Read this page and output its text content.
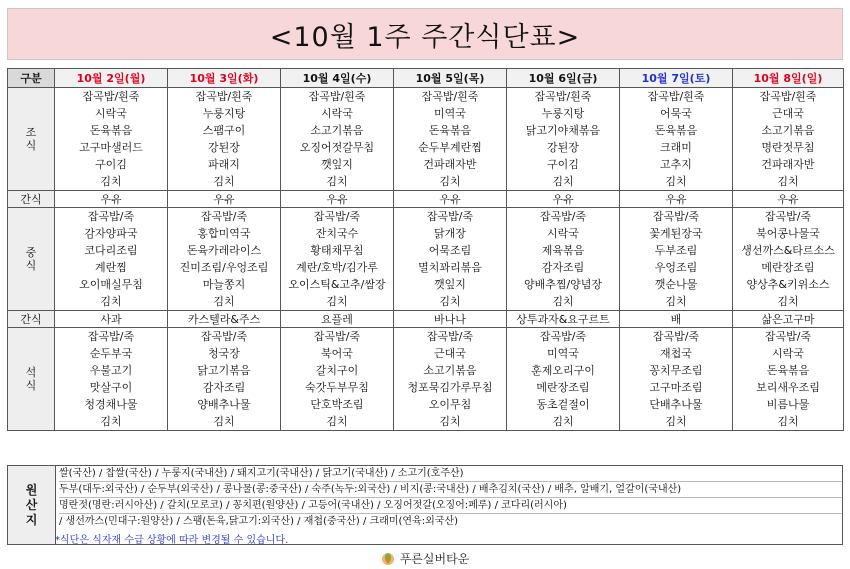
<10월 1주 주간식단표>
구분	10월 2일(월)	10월 3일(화)	10월 4일(수)	10월 5일(목)	10월 6일(금)	10월 7일(토)	10월 8일(일)
조
식	잡곡밥/흰죽	잡곡밥/흰죽	잡곡밥/흰죽	잡곡밥/흰죽	잡곡밥/흰죽	잡곡밥/흰죽	잡곡밥/흰죽
	시락국	누룽지탕	시락국	미역국	누룽지탕	어묵국	근대국
	돈육볶음	스팸구이	소고기볶음	돈육볶음	닭고기야채볶음	돈육볶음	소고기볶음
	고구마샐러드	강된장	오징어젓갈무침	순두부계란찜	강된장	크래미	명란젓무침
	구이김	파래지	깻잎지	건파래자반	구이김	고추지	건파래자반
	김치	김치	김치	김치	김치	김치	김치
간식	우유	우유	우유	우유	우유	우유	우유
중
식	잡곡밥/죽	잡곡밥/죽	잡곡밥/죽	잡곡밥/죽	잡곡밥/죽	잡곡밥/죽	잡곡밥/죽
	감자양파국	홍합미역국	잔치국수	닭개장	시락국	꽃게된장국	북어콩나물국
	코다리조림	돈육카레라이스	황태채무침	어묵조림	제육볶음	두부조림	생선까스&타르소스
	계란찜	진미조림/우엉조림	계란/호박/김가루	멸치꽈리볶음	감자조림	우엉조림	메란장조림
	오이매실무침	마늘쫑지	오이스틱&고추/쌈장	깻잎지	양배추찜/양념장	깻순나물	양상추&키위소스
	김치	김치	김치	김치	김치	김치	김치
간식	사과	카스텔라&주스	요플레	바나나	상투과자&요구르트	배	삶은고구마
석
식	잡곡밥/죽	잡곡밥/죽	잡곡밥/죽	잡곡밥/죽	잡곡밥/죽	잡곡밥/죽	잡곡밥/죽
	순두부국	청국장	북어국	근대국	미역국	재첩국	시락국
	우불고기	닭고기볶음	갈치구이	소고기볶음	훈제오리구이	꽁치무조림	돈육볶음
	맛살구이	감자조림	숙갓두부무침	청포묵김가루무침	메란장조림	고구마조림	보리새우조림
	청경채나물	양배추나물	단호박조림	오이무침	동초겉절이	단배추나물	비름나물
	김치	김치	김치	김치	김치	김치	김치
원
산
지
쌀(국산) / 찹쌀(국산) / 누룽지(국내산) / 돼지고기(국내산) / 닭고기(국내산) / 소고기(호주산)
두부(대두:외국산) / 순두부(외국산) / 콩나물(콩:중국산) / 숙주(녹두:외국산) / 비지(콩:국내산) / 배추김치(국산) / 배추, 알배기, 얼갈이(국내산)
명란젓(명란:러시아산) / 갈치(모로코) / 꽁치편(원양산) / 고등어(국내산) / 오징어젓갈(오징어:페루) / 코다리(러시아)
/ 생선까스(민대구:원양산) / 스팸(돈육,닭고기:외국산) / 재첩(중국산) / 크래미(연육:외국산)
*식단은 식자재 수급 상황에 따라 변경될 수 있습니다.
푸른실버타운
